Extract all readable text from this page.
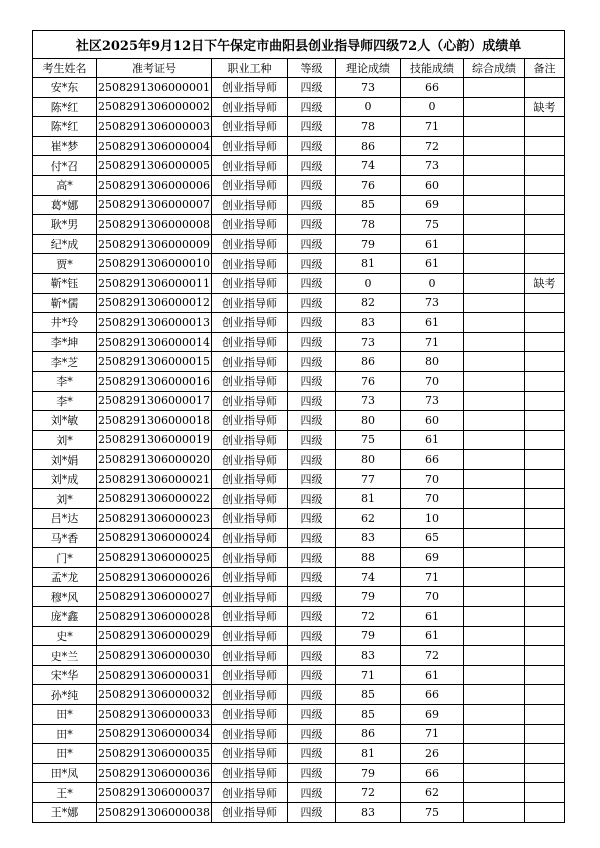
社区2025年9月12日下午保定市曲阳县创业指导师四级72人（心韵）成绩单							
考生姓名	准考证号	职业工种	等级	理论成绩	技能成绩	综合成绩	备注
安*东	2508291306000001	创业指导师	四级	73	66		
陈*红	2508291306000002	创业指导师	四级	0	0		缺考
陈*红	2508291306000003	创业指导师	四级	78	71		
崔*梦	2508291306000004	创业指导师	四级	86	72		
付*召	2508291306000005	创业指导师	四级	74	73		
高*	2508291306000006	创业指导师	四级	76	60		
葛*娜	2508291306000007	创业指导师	四级	85	69		
耿*男	2508291306000008	创业指导师	四级	78	75		
纪*成	2508291306000009	创业指导师	四级	79	61		
贾*	2508291306000010	创业指导师	四级	81	61		
靳*钰	2508291306000011	创业指导师	四级	0	0		缺考
靳*儒	2508291306000012	创业指导师	四级	82	73		
井*玲	2508291306000013	创业指导师	四级	83	61		
李*坤	2508291306000014	创业指导师	四级	73	71		
李*芝	2508291306000015	创业指导师	四级	86	80		
李*	2508291306000016	创业指导师	四级	76	70		
李*	2508291306000017	创业指导师	四级	73	73		
刘*敏	2508291306000018	创业指导师	四级	80	60		
刘*	2508291306000019	创业指导师	四级	75	61		
刘*娟	2508291306000020	创业指导师	四级	80	66		
刘*成	2508291306000021	创业指导师	四级	77	70		
刘*	2508291306000022	创业指导师	四级	81	70		
吕*达	2508291306000023	创业指导师	四级	62	10		
马*香	2508291306000024	创业指导师	四级	83	65		
门*	2508291306000025	创业指导师	四级	88	69		
孟*龙	2508291306000026	创业指导师	四级	74	71		
穆*风	2508291306000027	创业指导师	四级	79	70		
庞*鑫	2508291306000028	创业指导师	四级	72	61		
史*	2508291306000029	创业指导师	四级	79	61		
史*兰	2508291306000030	创业指导师	四级	83	72		
宋*华	2508291306000031	创业指导师	四级	71	61		
孙*纯	2508291306000032	创业指导师	四级	85	66		
田*	2508291306000033	创业指导师	四级	85	69		
田*	2508291306000034	创业指导师	四级	86	71		
田*	2508291306000035	创业指导师	四级	81	26		
田*凤	2508291306000036	创业指导师	四级	79	66		
王*	2508291306000037	创业指导师	四级	72	62		
王*娜	2508291306000038	创业指导师	四级	83	75		
